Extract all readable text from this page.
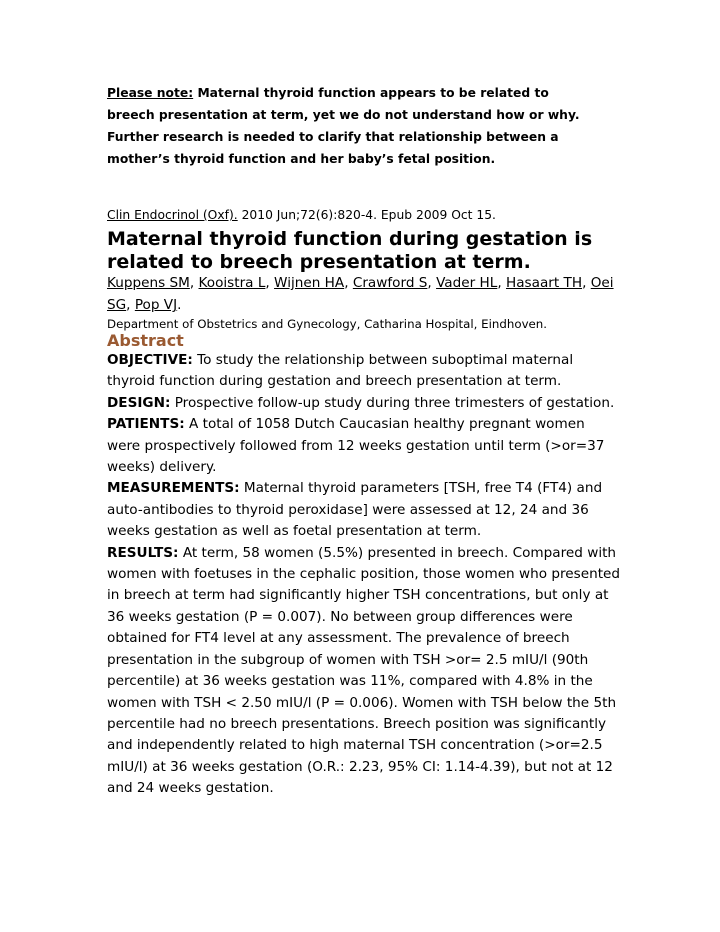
Please note: Maternal thyroid function appears to be related to
breech presentation at term, yet we do not understand how or why.
Further research is needed to clarify that relationship between a
mother’s thyroid function and her baby’s fetal position.
Clin Endocrinol (Oxf). 2010 Jun;72(6):820-4. Epub 2009 Oct 15.
Maternal thyroid function during gestation is
related to breech presentation at term.
Kuppens SM, Kooistra L, Wijnen HA, Crawford S, Vader HL, Hasaart TH, Oei SG, Pop VJ.
Department of Obstetrics and Gynecology, Catharina Hospital, Eindhoven.
Abstract

OBJECTIVE: To study the relationship between suboptimal maternal thyroid function during gestation and breech presentation at term.

DESIGN: Prospective follow-up study during three trimesters of gestation.

PATIENTS: A total of 1058 Dutch Caucasian healthy pregnant women were prospectively followed from 12 weeks gestation until term (>or=37 weeks) delivery.

MEASUREMENTS: Maternal thyroid parameters [TSH, free T4 (FT4) and auto-antibodies to thyroid peroxidase] were assessed at 12, 24 and 36 weeks gestation as well as foetal presentation at term.

RESULTS: At term, 58 women (5.5%) presented in breech. Compared with women with foetuses in the cephalic position, those women who presented in breech at term had significantly higher TSH concentrations, but only at 36 weeks gestation (P = 0.007). No between group differences were obtained for FT4 level at any assessment. The prevalence of breech presentation in the subgroup of women with TSH >or= 2.5 mIU/l (90th percentile) at 36 weeks gestation was 11%, compared with 4.8% in the women with TSH < 2.50 mIU/l (P = 0.006). Women with TSH below the 5th percentile had no breech presentations. Breech position was significantly and independently related to high maternal TSH concentration (>or=2.5 mIU/l) at 36 weeks gestation (O.R.: 2.23, 95% CI: 1.14-4.39), but not at 12 and 24 weeks gestation.
